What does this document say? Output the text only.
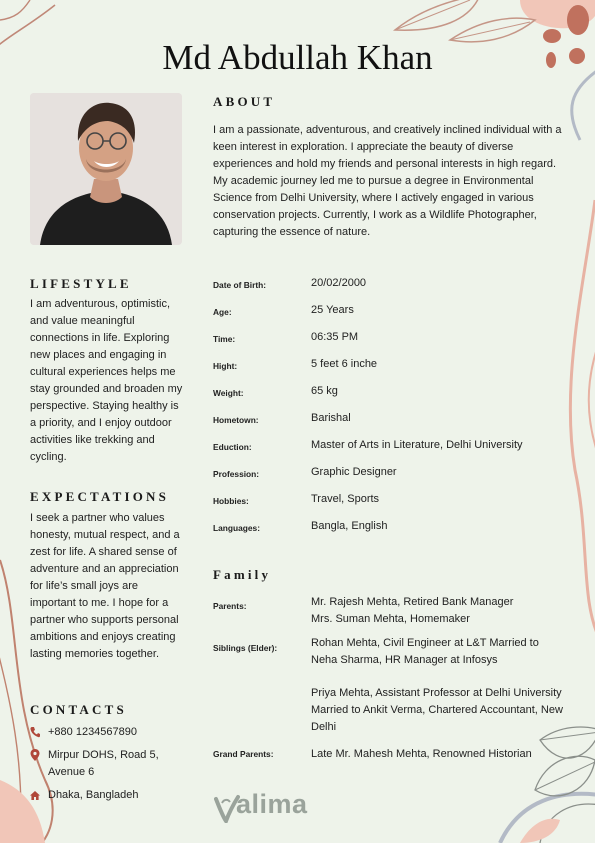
Md Abdullah Khan
ABOUT
I am a passionate, adventurous, and creatively inclined individual with a keen interest in exploration. I appreciate the beauty of diverse experiences and hold my friends and personal interests in high regard. My academic journey led me to pursue a degree in Environmental Science from Delhi University, where I actively engaged in various conservation projects. Currently, I work as a Wildlife Photographer, capturing the essence of nature.
LIFESTYLE
I am adventurous, optimistic, and value meaningful connections in life. Exploring new places and engaging in cultural experiences helps me stay grounded and broaden my perspective. Staying healthy is a priority, and I enjoy outdoor activities like trekking and cycling.
EXPECTATIONS
I seek a partner who values honesty, mutual respect, and a zest for life. A shared sense of adventure and an appreciation for life’s small joys are important to me. I hope for a partner who supports personal ambitions and enjoys creating lasting memories together.
CONTACTS
+880 1234567890
Mirpur DOHS, Road 5, Avenue 6
Dhaka, Bangladeh
Date of Birth:	20/02/2000
Age:	25 Years
Time:	06:35 PM
Hight:	5 feet 6 inche
Weight:	65 kg
Hometown:	Barishal
Eduction:	Master of Arts in Literature, Delhi University
Profession:	Graphic Designer
Hobbies:	Travel, Sports
Languages:	Bangla, English
Family
Parents:	Mr. Rajesh Mehta, Retired Bank Manager
Mrs. Suman Mehta, Homemaker
Siblings (Elder):	Rohan Mehta, Civil Engineer at L&T Married to Neha Sharma, HR Manager at Infosys
Priya Mehta, Assistant Professor at Delhi University Married to Ankit Verma, Chartered Accountant, New Delhi
Grand Parents:	Late Mr. Mahesh Mehta, Renowned Historian
alima
